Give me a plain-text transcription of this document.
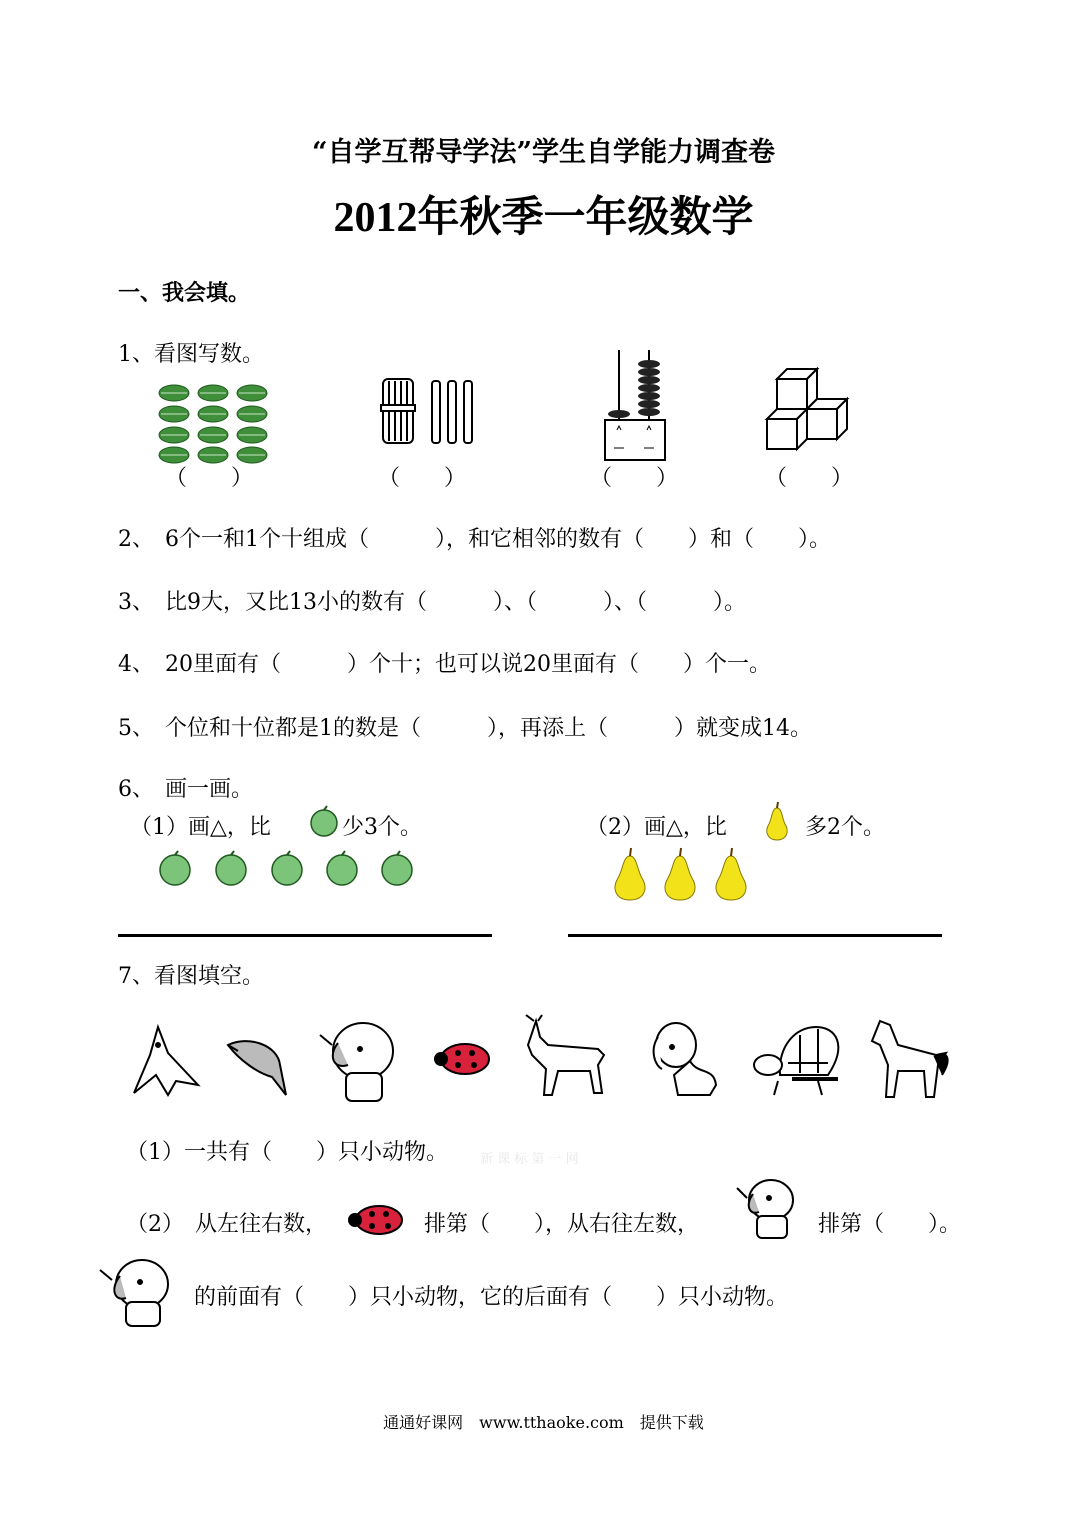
“自学互帮导学法”学生自学能力调查卷
2012年秋季一年级数学
一、我会填。
1、看图写数。
（　　）	（　　）	（　　）	（　　）
2、　6个一和1个十组成（　　　），和它相邻的数有（　　）和（　　）。
3、　比9大，又比13小的数有（　　　）、（　　　）、（　　　）。
4、　20里面有（　　　）个十；也可以说20里面有（　　）个一。
5、　个位和十位都是1的数是（　　　），再添上（　　　）就变成14。
6、　画一画。
（1）画△，比	少3个。	（2）画△，比	多2个。
7、看图填空。
（1）一共有（　　）只小动物。 新 课 标 第 一 网
（2）　从左往右数，	排第（　　），从右往左数，	排第（　　）。
的前面有（　　）只小动物，它的后面有（　　）只小动物。
通通好课网　www.tthaoke.com　提供下载
